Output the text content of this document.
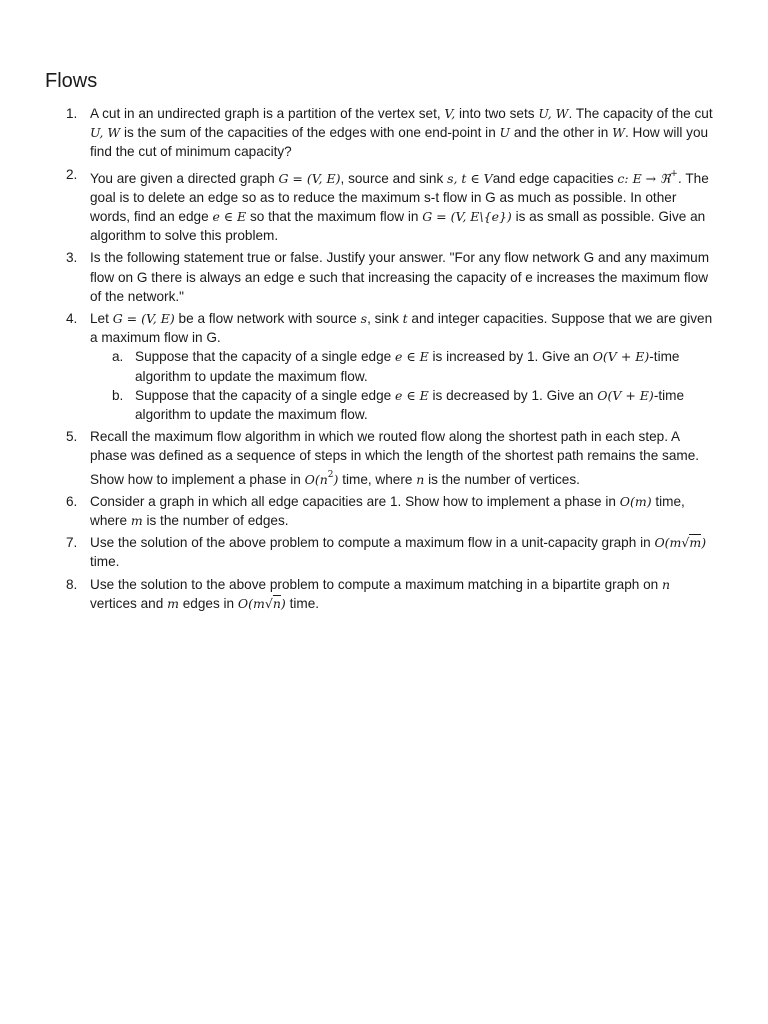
Flows
1. A cut in an undirected graph is a partition of the vertex set, V, into two sets U, W. The capacity of the cut U, W is the sum of the capacities of the edges with one end-point in U and the other in W. How will you find the cut of minimum capacity?
2. You are given a directed graph G = (V, E), source and sink s, t ∈ Vand edge capacities c: E → ℜ+. The goal is to delete an edge so as to reduce the maximum s-t flow in G as much as possible. In other words, find an edge e ∈ E so that the maximum flow in G = (V, E\{e}) is as small as possible. Give an algorithm to solve this problem.
3. Is the following statement true or false. Justify your answer. "For any flow network G and any maximum flow on G there is always an edge e such that increasing the capacity of e increases the maximum flow of the network."
4. Let G = (V, E) be a flow network with source s, sink t and integer capacities. Suppose that we are given a maximum flow in G.
a. Suppose that the capacity of a single edge e ∈ E is increased by 1. Give an O(V + E)-time algorithm to update the maximum flow.
b. Suppose that the capacity of a single edge e ∈ E is decreased by 1. Give an O(V + E)-time algorithm to update the maximum flow.
5. Recall the maximum flow algorithm in which we routed flow along the shortest path in each step. A phase was defined as a sequence of steps in which the length of the shortest path remains the same. Show how to implement a phase in $O(n^2)$ time, where n is the number of vertices.
6. Consider a graph in which all edge capacities are 1. Show how to implement a phase in O(m) time, where m is the number of edges.
7. Use the solution of the above problem to compute a maximum flow in a unit-capacity graph in O(m√m) time.
8. Use the solution to the above problem to compute a maximum matching in a bipartite graph on n vertices and m edges in O(m√n) time.
